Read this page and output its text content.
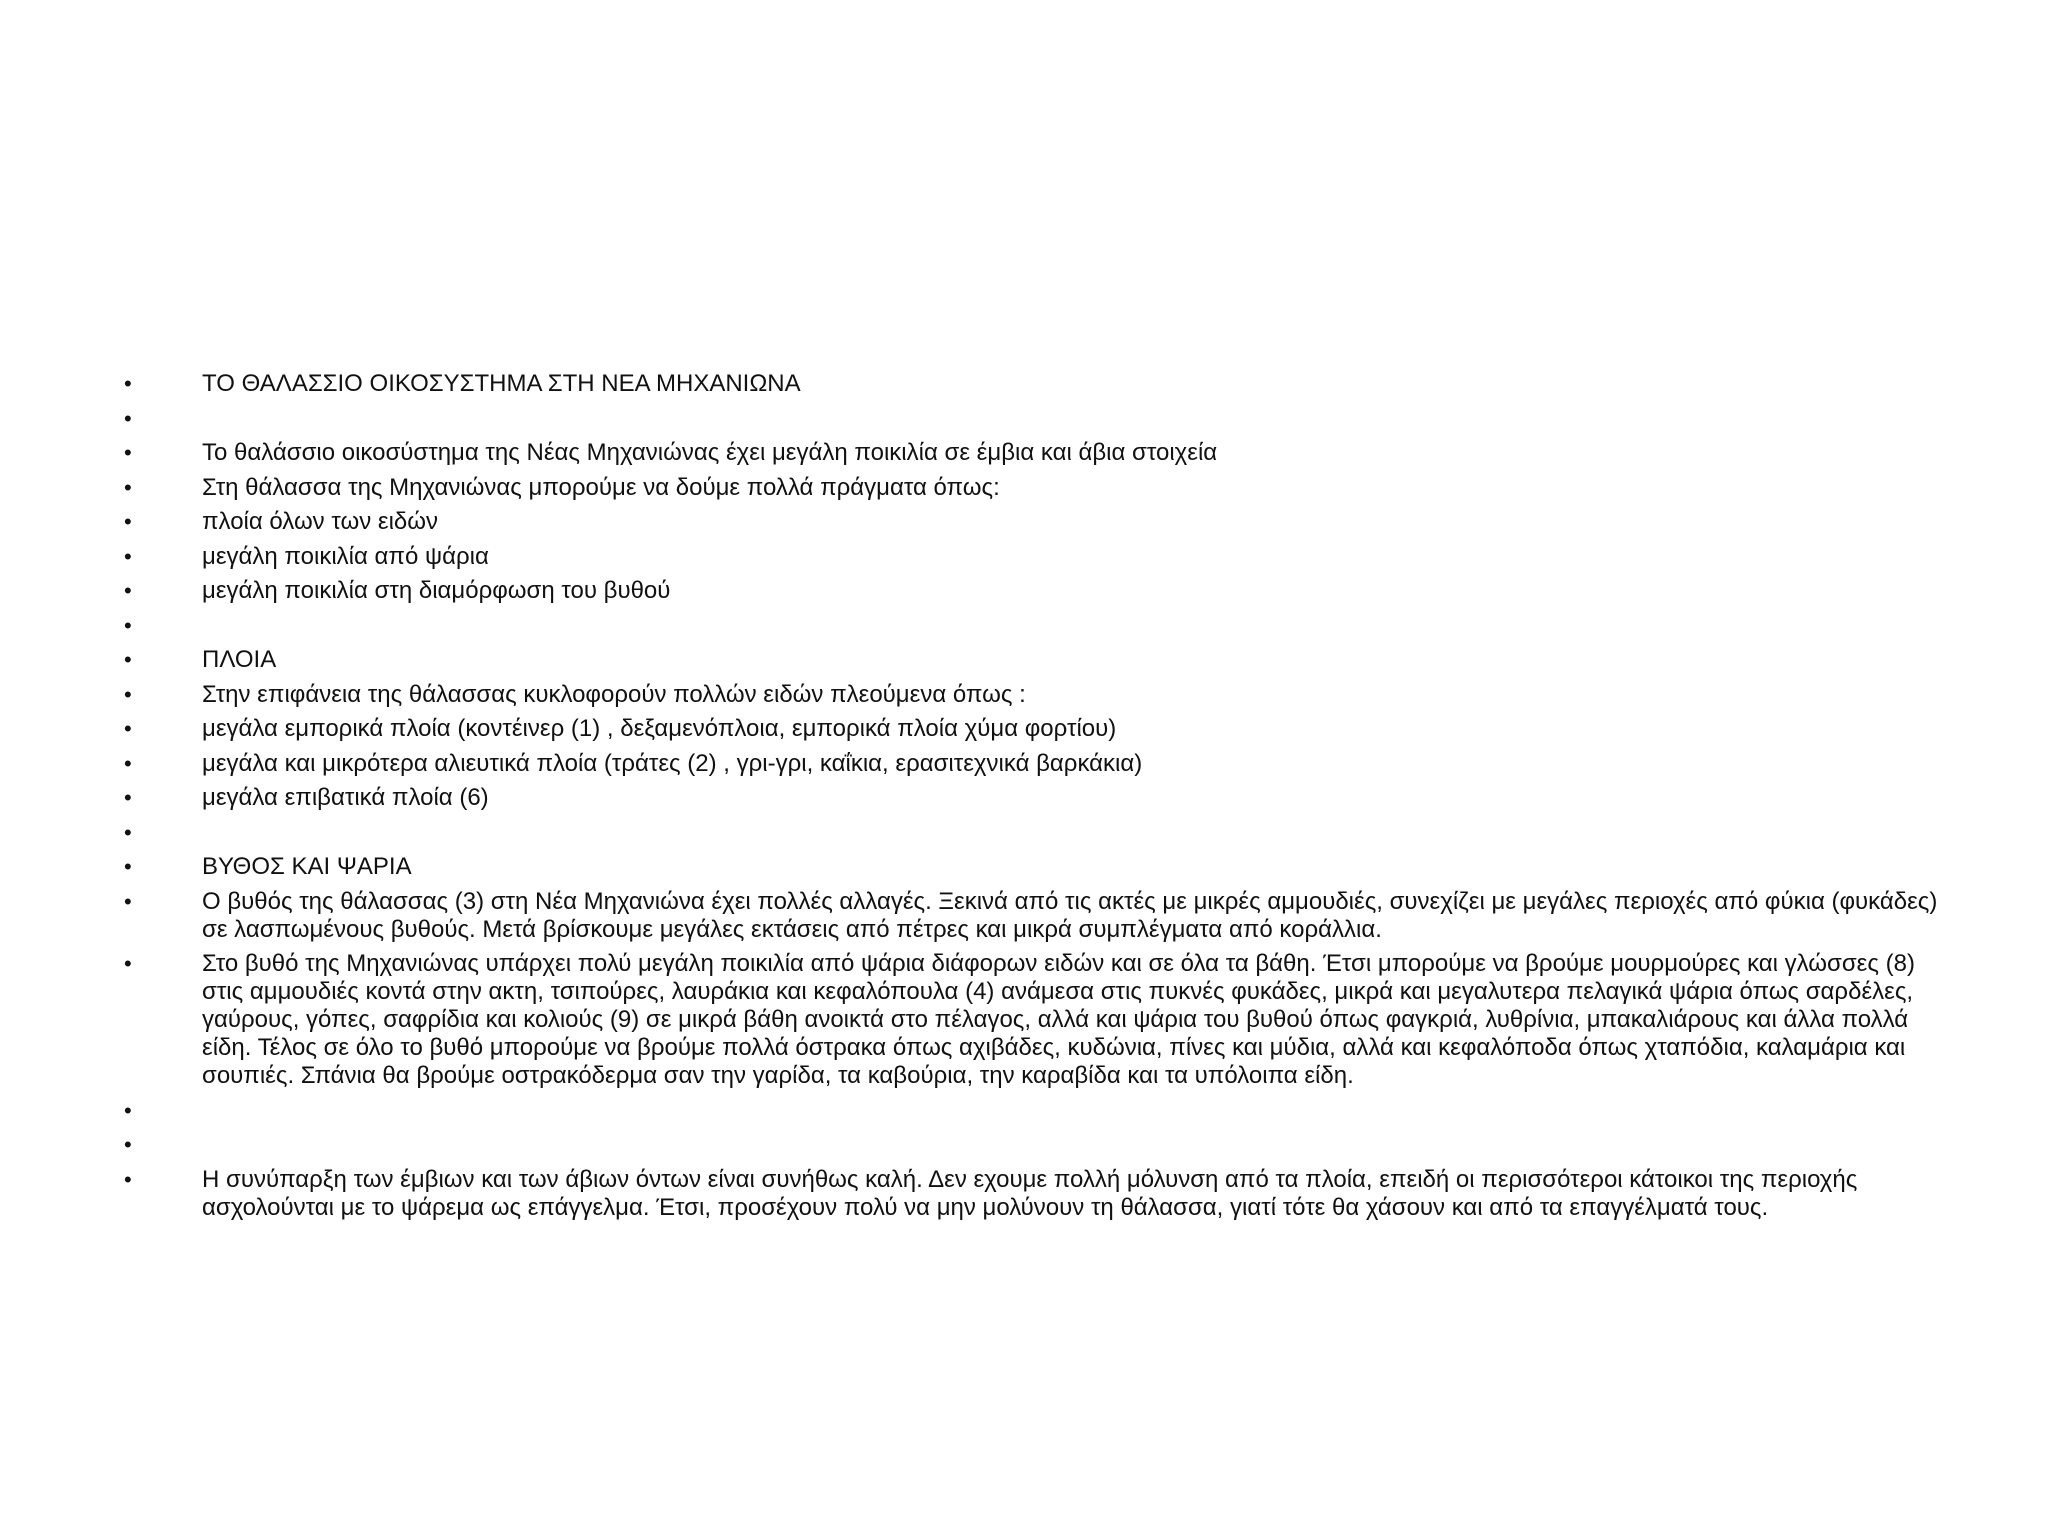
•	ΤΟ ΘΑΛΑΣΣΙΟ ΟΙΚΟΣΥΣΤΗΜΑ ΣΤΗ ΝΕΑ ΜΗΧΑΝΙΩΝΑ
•
•	Το θαλάσσιο οικοσύστημα της Νέας Μηχανιώνας έχει μεγάλη ποικιλία σε έμβια και άβια στοιχεία
•	Στη θάλασσα της Μηχανιώνας μπορούμε να δούμε πολλά πράγματα όπως:
•	πλοία όλων των ειδών
•	μεγάλη ποικιλία από ψάρια
•	μεγάλη ποικιλία στη διαμόρφωση του βυθού
•
•	ΠΛΟΙΑ
•	Στην επιφάνεια της θάλασσας κυκλοφορούν πολλών ειδών πλεούμενα όπως :
•	μεγάλα εμπορικά πλοία (κοντέινερ (1) , δεξαμενόπλοια, εμπορικά πλοία χύμα φορτίου)
•	μεγάλα και μικρότερα αλιευτικά πλοία (τράτες (2) , γρι-γρι, καΐκια, ερασιτεχνικά βαρκάκια)
•	μεγάλα επιβατικά πλοία (6)
•
•	ΒΥΘΟΣ ΚΑΙ ΨΑΡΙΑ
•	Ο βυθός της θάλασσας (3) στη Νέα Μηχανιώνα έχει πολλές αλλαγές. Ξεκινά από τις ακτές με μικρές αμμουδιές, συνεχίζει με μεγάλες περιοχές από φύκια (φυκάδες) σε λασπωμένους βυθούς. Μετά βρίσκουμε μεγάλες εκτάσεις από πέτρες και μικρά συμπλέγματα από κοράλλια.
•	Στο βυθό της Μηχανιώνας υπάρχει πολύ μεγάλη ποικιλία από ψάρια διάφορων ειδών και σε όλα τα βάθη. Έτσι μπορούμε να βρούμε μουρμούρες και γλώσσες (8) στις αμμουδιές κοντά στην ακτη, τσιπούρες, λαυράκια και κεφαλόπουλα (4) ανάμεσα στις πυκνές φυκάδες, μικρά και μεγαλυτερα πελαγικά ψάρια όπως σαρδέλες, γαύρους, γόπες, σαφρίδια και κολιούς (9) σε μικρά βάθη ανοικτά στο πέλαγος, αλλά και ψάρια του βυθού όπως φαγκριά, λυθρίνια, μπακαλιάρους και άλλα πολλά είδη. Τέλος σε όλο το βυθό μπορούμε να βρούμε πολλά όστρακα όπως αχιβάδες, κυδώνια, πίνες και μύδια, αλλά και κεφαλόποδα όπως χταπόδια, καλαμάρια και σουπιές. Σπάνια θα βρούμε οστρακόδερμα σαν την γαρίδα, τα καβούρια, την καραβίδα και τα υπόλοιπα είδη.
•
•
•	Η συνύπαρξη των έμβιων και των άβιων όντων είναι συνήθως καλή. Δεν εχουμε πολλή μόλυνση από τα πλοία, επειδή οι περισσότεροι κάτοικοι της περιοχής ασχολούνται με το ψάρεμα ως επάγγελμα. Έτσι, προσέχουν πολύ να μην μολύνουν τη θάλασσα, γιατί τότε θα χάσουν και από τα επαγγέλματά τους.
